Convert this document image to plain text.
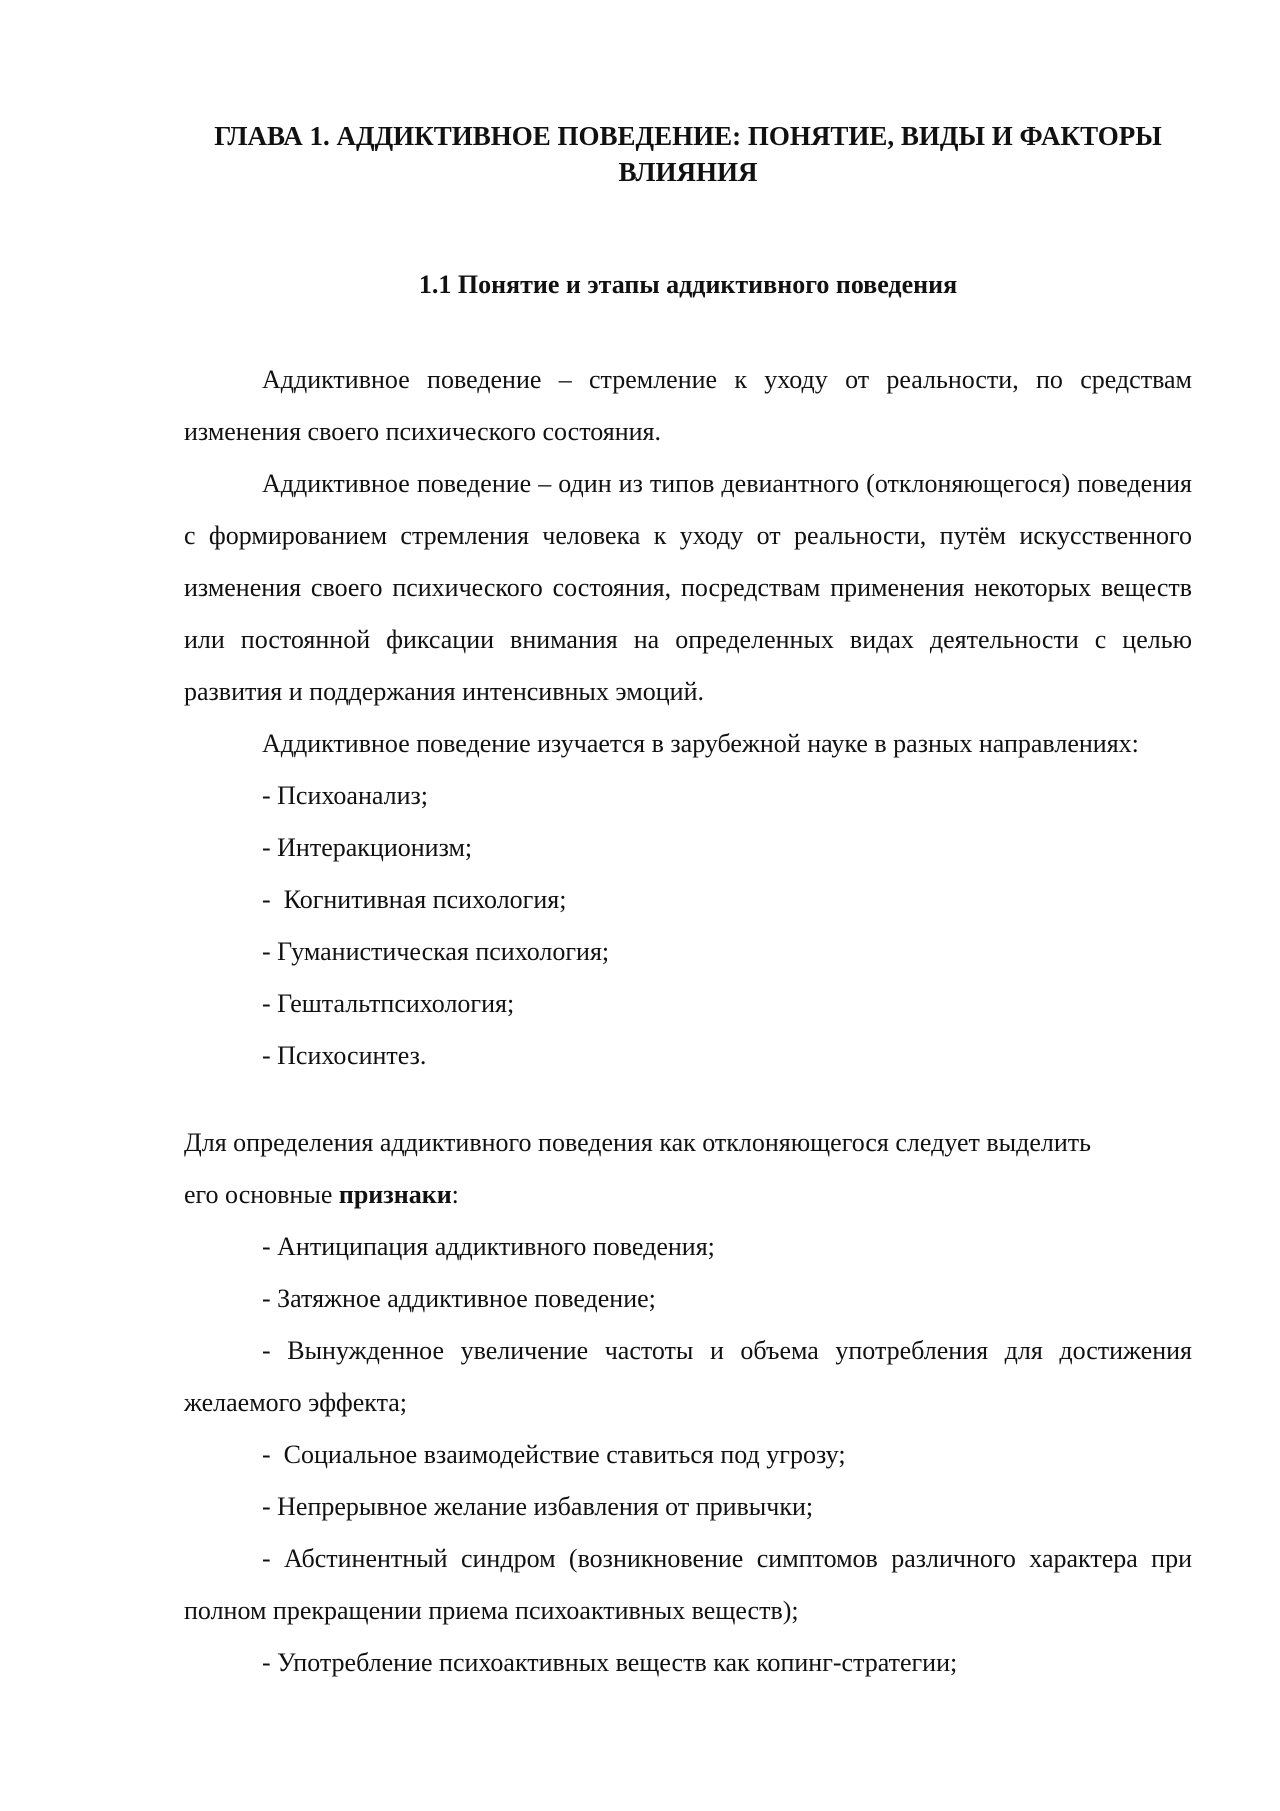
ГЛАВА 1. АДДИКТИВНОЕ ПОВЕДЕНИЕ: ПОНЯТИЕ, ВИДЫ И ФАКТОРЫ ВЛИЯНИЯ
1.1 Понятие и этапы аддиктивного поведения

Аддиктивное поведение – стремление к уходу от реальности, по средствам изменения своего психического состояния.

Аддиктивное поведение – один из типов девиантного (отклоняющегося) поведения с формированием стремления человека к уходу от реальности, путём искусственного изменения своего психического состояния, посредствам применения некоторых веществ или постоянной фиксации внимания на определенных видах деятельности с целью развития и поддержания интенсивных эмоций.

Аддиктивное поведение изучается в зарубежной науке в разных направлениях:

- Психоанализ;

- Интеракционизм;

-  Когнитивная психология;

- Гуманистическая психология;

- Гештальтпсихология;

- Психосинтез.

Для определения аддиктивного поведения как отклоняющегося следует выделить

его основные признаки:

- Антиципация аддиктивного поведения;

- Затяжное аддиктивное поведение;

- Вынужденное увеличение частоты и объема употребления для достижения желаемого эффекта;

-  Социальное взаимодействие ставиться под угрозу;

- Непрерывное желание избавления от привычки;

- Абстинентный синдром (возникновение симптомов различного характера при полном прекращении приема психоактивных веществ);

- Употребление психоактивных веществ как копинг-стратегии;
